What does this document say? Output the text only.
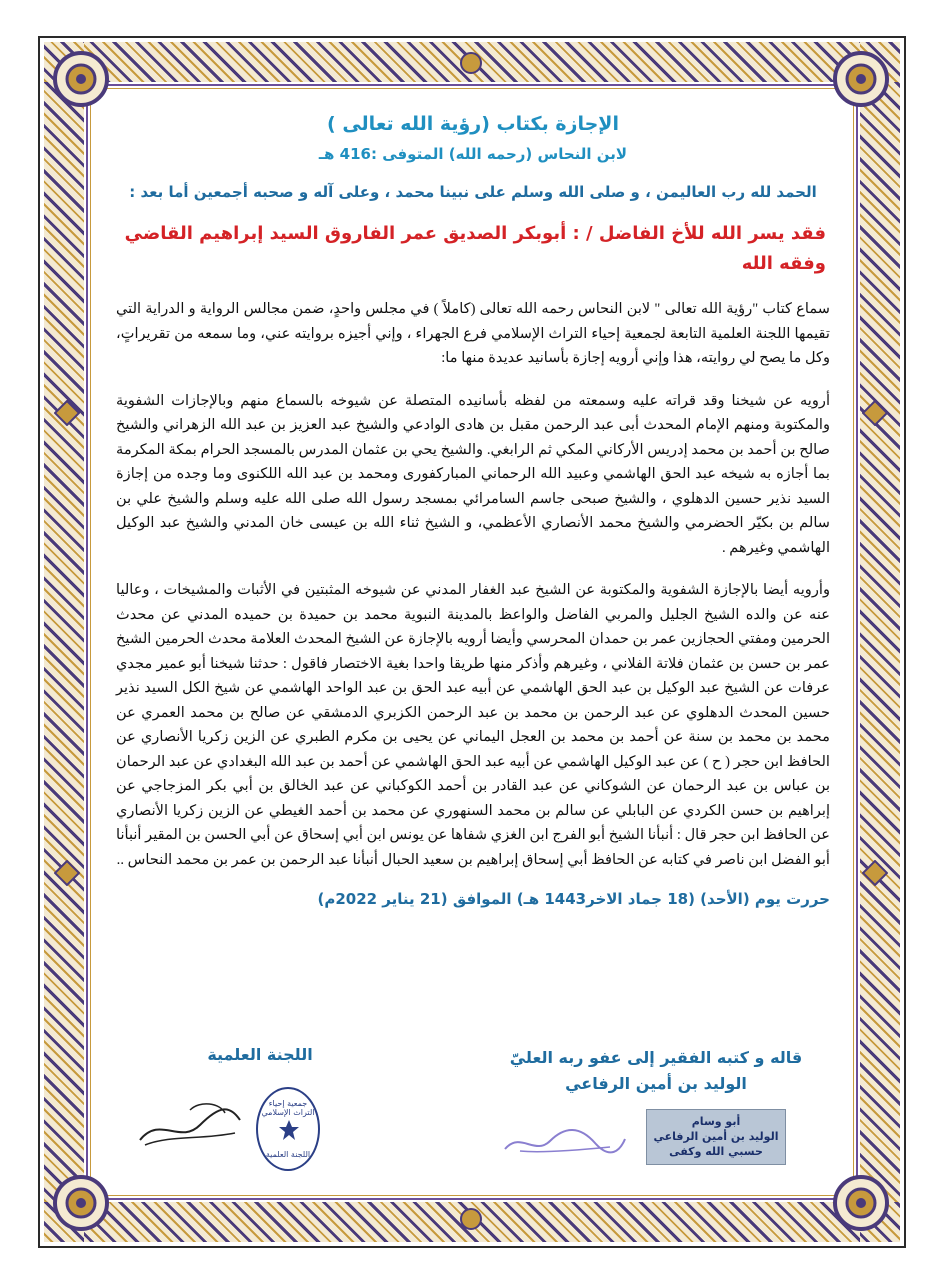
الإجازة بكتاب (رؤية الله تعالى )
لابن النحاس (رحمه الله) المتوفى :416 هـ
الحمد لله رب العاليمن ، و صلى الله وسلم على نبينا محمد ، وعلى آله و صحبه أجمعين أما بعد :
فقد يسر الله للأخ الفاضل / : أبوبكر الصديق عمر الفاروق السيد إبراهيم القاضي وفقه الله
سماع كتاب "رؤية الله تعالى " لابن النحاس رحمه الله تعالى (كاملاً ) في مجلس واحدٍ، ضمن مجالس الرواية و الدراية التي تقيمها اللجنة العلمية التابعة لجمعية إحياء التراث الإسلامي فرع الجهراء ، وإني أجيزه بروايته عني، وما سمعه من تقريراتٍ، وكل ما يصح لي روايته، هذا وإني أرويه إجازة بأسانيد عديدة منها ما:
أرويه عن شيخنا وقد قراته عليه وسمعته من لفظه بأسانيده المتصلة عن شيوخه بالسماع منهم وبالإجازات الشفوية والمكتوبة ومنهم الإمام المحدث أبى عبد الرحمن مقبل بن هادى الوادعي والشيخ عبد العزيز بن عبد الله الزهراني والشيخ صالح بن أحمد بن محمد إدريس الأركاني المكي ثم الرابغي. والشيخ يحي بن عثمان المدرس بالمسجد الحرام بمكة المكرمة بما أجازه به شيخه عبد الحق الهاشمي وعبيد الله الرحماني المباركفورى ومحمد بن عبد الله اللكنوى وما وجده من إجازة السيد نذير حسين الدهلوي ، والشيخ صبحى جاسم السامرائي بمسجد رسول الله صلى الله عليه وسلم والشيخ علي بن سالم بن بكيّر الحضرمي والشيخ محمد الأنصاري الأعظمي، و الشيخ ثناء الله بن عيسى خان المدني والشيخ عبد الوكيل الهاشمي وغيرهم .
وأرويه أيضا بالإجازة الشفوية والمكتوبة عن الشيخ عبد الغفار المدني عن شيوخه المثبتين في الأثبات والمشيخات ، وعاليا عنه عن والده الشيخ الجليل والمربي الفاضل والواعظ بالمدينة النبوية محمد بن حميدة بن حميده المدني عن محدث الحرمين ومفتي الحجازين عمر بن حمدان المحرسي وأيضا أرويه بالإجازة عن الشيخ المحدث العلامة محدث الحرمين الشيخ عمر بن حسن بن عثمان فلاتة الفلاني ، وغيرهم وأذكر منها طريقا واحدا بغية الاختصار فاقول : حدثنا شيخنا أبو عمير مجدي عرفات عن الشيخ عبد الوكيل بن عبد الحق الهاشمي عن أبيه عبد الحق بن عبد الواحد الهاشمي عن شيخ الكل السيد نذير حسين المحدث الدهلوي عن عبد الرحمن بن محمد بن عبد الرحمن الكزبري الدمشقي عن صالح بن محمد العمري عن محمد بن محمد بن سنة عن أحمد بن محمد بن العجل اليماني عن يحيى بن مكرم الطبري عن الزين زكريا الأنصاري عن الحافظ ابن حجر ( ح ) عن عبد الوكيل الهاشمي عن أبيه عبد الحق الهاشمي عن أحمد بن عبد الله البغدادي عن عبد الرحمان بن عباس بن عبد الرحمان عن الشوكاني عن عبد القادر بن أحمد الكوكباني عن عبد الخالق بن أبي بكر المزجاجي عن إبراهيم بن حسن الكردي عن البابلي عن سالم بن محمد السنهوري عن محمد بن أحمد الغيطي عن الزين زكريا الأنصاري عن الحافظ ابن حجر قال : أنبأنا الشيخ أبو الفرج ابن الغزي شفاها عن يونس ابن أبي إسحاق عن أبي الحسن بن المقير أنبأنا أبو الفضل ابن ناصر في كتابه عن الحافظ أبي إسحاق إبراهيم بن سعيد الحبال أنبأنا عبد الرحمن بن عمر بن محمد النحاس ..
حررت يوم (الأحد) (18 جماد الاخر1443 هـ) الموافق (21 يناير 2022م)
قاله و كتبه الفقير إلى عفو ربه العليّ
الوليد بن أمين الرفاعي
اللجنة العلمية
أبو وسام
الوليد بن أمين الرفاعي
حسبي الله وكفى
جمعية إحياء التراث الإسلامي
اللجنة العلمية
